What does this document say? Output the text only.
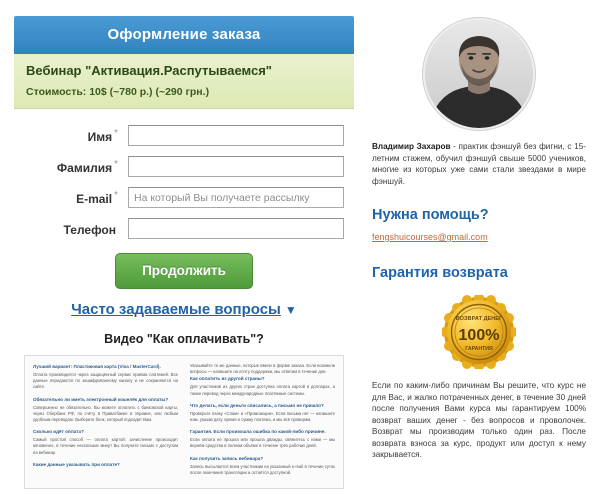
Оформление заказа
Вебинар "Активация.Распутываемся"
Стоимость: 10$ (~780 р.) (~290 грн.)
Имя *
Фамилия *
E-mail *
На который Вы получаете рассылку
Телефон
Продолжить
Часто задаваемые вопросы ▼
Видео "Как оплачивать"?

Лучший вариант: Пластиковая карта (Visa / MasterCard).

Оплата производится через защищённый сервис приёма платежей. Все данные передаются по зашифрованному каналу и не сохраняются на сайте.

Обязательно ли иметь электронный кошелёк для оплаты?

Совершенно не обязательно. Вы можете оплатить с банковской карты, через Сбербанк РФ, по счёту в Приватбанке в Украине, или любым удобным переводом. Выберите блок, который подходит Вам.

Сколько идёт оплата?

Самый простой способ — оплата картой: зачисление происходит мгновенно, в течение нескольких минут Вы получите письмо с доступом на вебинар.

Какие данные указывать при оплате?

Указывайте те же данные, которые ввели в форме заказа. Если возникли вопросы — напишите на почту поддержки, мы ответим в течение дня.

Как оплатить из другой страны?

Для участников из других стран доступна оплата картой в долларах, а также перевод через международные платёжные системы.

Что делать, если деньги списались, а письмо не пришло?

Проверьте папку «Спам» и «Промоакции». Если письма нет — напишите нам, указав дату, время и сумму платежа, и мы всё проверим.

Гарантия. Если произошла ошибка по какой-либо причине.

Если оплата не прошла или прошла дважды, свяжитесь с нами — мы вернём средства в полном объёме в течение трёх рабочих дней.

Как получить запись вебинара?

Запись высылается всем участникам на указанный e-mail в течение суток после окончания трансляции и остаётся доступной.

Владимир Захаров - практик фэншуй без фигни, с 15-летним стажем, обучил фэншуй свыше 5000 учеников, многие из которых уже сами стали звездами в мире фэншуй.
Нужна помощь?
fengshuicourses@gmail.com
Гарантия возврата
ВОЗВРАТ ДЕНЕГ
100%
ГАРАНТИЯ
Если по каким-либо причинам Вы решите, что курс не для Вас, и жалко потраченных денег, в течение 30 дней после получения Вами курса мы гарантируем 100% возврат ваших денег - без вопросов и проволочек. Возврат мы производим только один раз. После возврата взноса за курс, продукт или доступ к нему закрывается.
